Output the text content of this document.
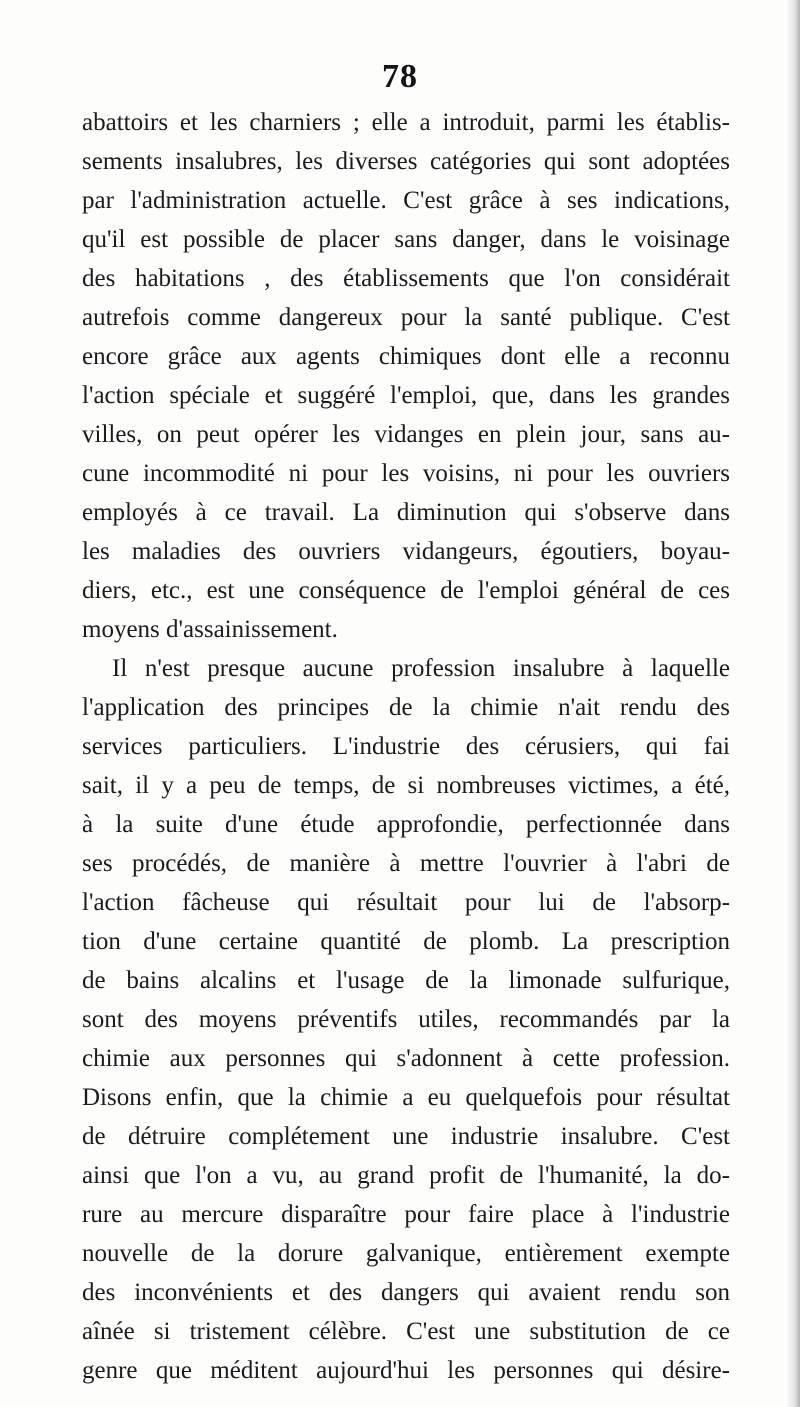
78
abattoirs et les charniers ; elle a introduit, parmi les établis-
sements insalubres, les diverses catégories qui sont adoptées
par l'administration actuelle. C'est grâce à ses indications,
qu'il est possible de placer sans danger, dans le voisinage
des habitations , des établissements que l'on considérait
autrefois comme dangereux pour la santé publique. C'est
encore grâce aux agents chimiques dont elle a reconnu
l'action spéciale et suggéré l'emploi, que, dans les grandes
villes, on peut opérer les vidanges en plein jour, sans au-
cune incommodité ni pour les voisins, ni pour les ouvriers
employés à ce travail. La diminution qui s'observe dans
les maladies des ouvriers vidangeurs, égoutiers, boyau-
diers, etc., est une conséquence de l'emploi général de ces
moyens d'assainissement.
Il n'est presque aucune profession insalubre à laquelle
l'application des principes de la chimie n'ait rendu des
services particuliers. L'industrie des cérusiers, qui fai
sait, il y a peu de temps, de si nombreuses victimes, a été,
à la suite d'une étude approfondie, perfectionnée dans
ses procédés, de manière à mettre l'ouvrier à l'abri de
l'action fâcheuse qui résultait pour lui de l'absorp-
tion d'une certaine quantité de plomb. La prescription
de bains alcalins et l'usage de la limonade sulfurique,
sont des moyens préventifs utiles, recommandés par la
chimie aux personnes qui s'adonnent à cette profession.
Disons enfin, que la chimie a eu quelquefois pour résultat
de détruire complétement une industrie insalubre. C'est
ainsi que l'on a vu, au grand profit de l'humanité, la do-
rure au mercure disparaître pour faire place à l'industrie
nouvelle de la dorure galvanique, entièrement exempte
des inconvénients et des dangers qui avaient rendu son
aînée si tristement célèbre. C'est une substitution de ce
genre que méditent aujourd'hui les personnes qui désire-
